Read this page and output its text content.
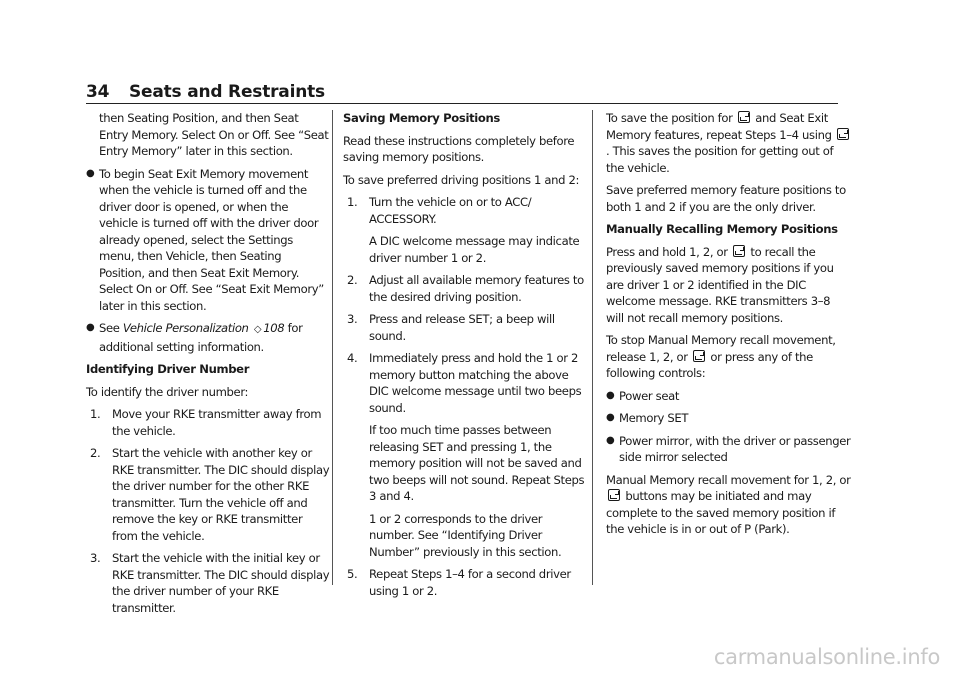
34 Seats and Restraints

then Seating Position, and then Seat Entry Memory. Select On or Off. See “Seat Entry Memory” later in this section.

● To begin Seat Exit Memory movement when the vehicle is turned off and the driver door is opened, or when the vehicle is turned off with the driver door already opened, select the Settings menu, then Vehicle, then Seating Position, and then Seat Exit Memory. Select On or Off. See “Seat Exit Memory” later in this section.
● See Vehicle Personalization ◇ 108 for additional setting information.

Identifying Driver Number

To identify the driver number:

1. Move your RKE transmitter away from the vehicle.
2. Start the vehicle with another key or RKE transmitter. The DIC should display the driver number for the other RKE transmitter. Turn the vehicle off and remove the key or RKE transmitter from the vehicle.
3. Start the vehicle with the initial key or RKE transmitter. The DIC should display the driver number of your RKE transmitter.

Saving Memory Positions

Read these instructions completely before saving memory positions.

To save preferred driving positions 1 and 2:

1. Turn the vehicle on or to ACC/ ACCESSORY.

A DIC welcome message may indicate driver number 1 or 2.

2. Adjust all available memory features to the desired driving position.
3. Press and release SET; a beep will sound.
4. Immediately press and hold the 1 or 2 memory button matching the above DIC welcome message until two beeps sound.

If too much time passes between releasing SET and pressing 1, the memory position will not be saved and two beeps will not sound. Repeat Steps 3 and 4.

1 or 2 corresponds to the driver number. See “Identifying Driver Number” previously in this section.

5. Repeat Steps 1–4 for a second driver using 1 or 2.

To save the position for  and Seat Exit Memory features, repeat Steps 1–4 using . This saves the position for getting out of the vehicle.

Save preferred memory feature positions to both 1 and 2 if you are the only driver.

Manually Recalling Memory Positions

Press and hold 1, 2, or  to recall the previously saved memory positions if you are driver 1 or 2 identified in the DIC welcome message. RKE transmitters 3–8 will not recall memory positions.

To stop Manual Memory recall movement, release 1, 2, or  or press any of the following controls:

● Power seat
● Memory SET
● Power mirror, with the driver or passenger side mirror selected

Manual Memory recall movement for 1, 2, or  buttons may be initiated and may complete to the saved memory position if the vehicle is in or out of P (Park).

carmanualsonline.info
